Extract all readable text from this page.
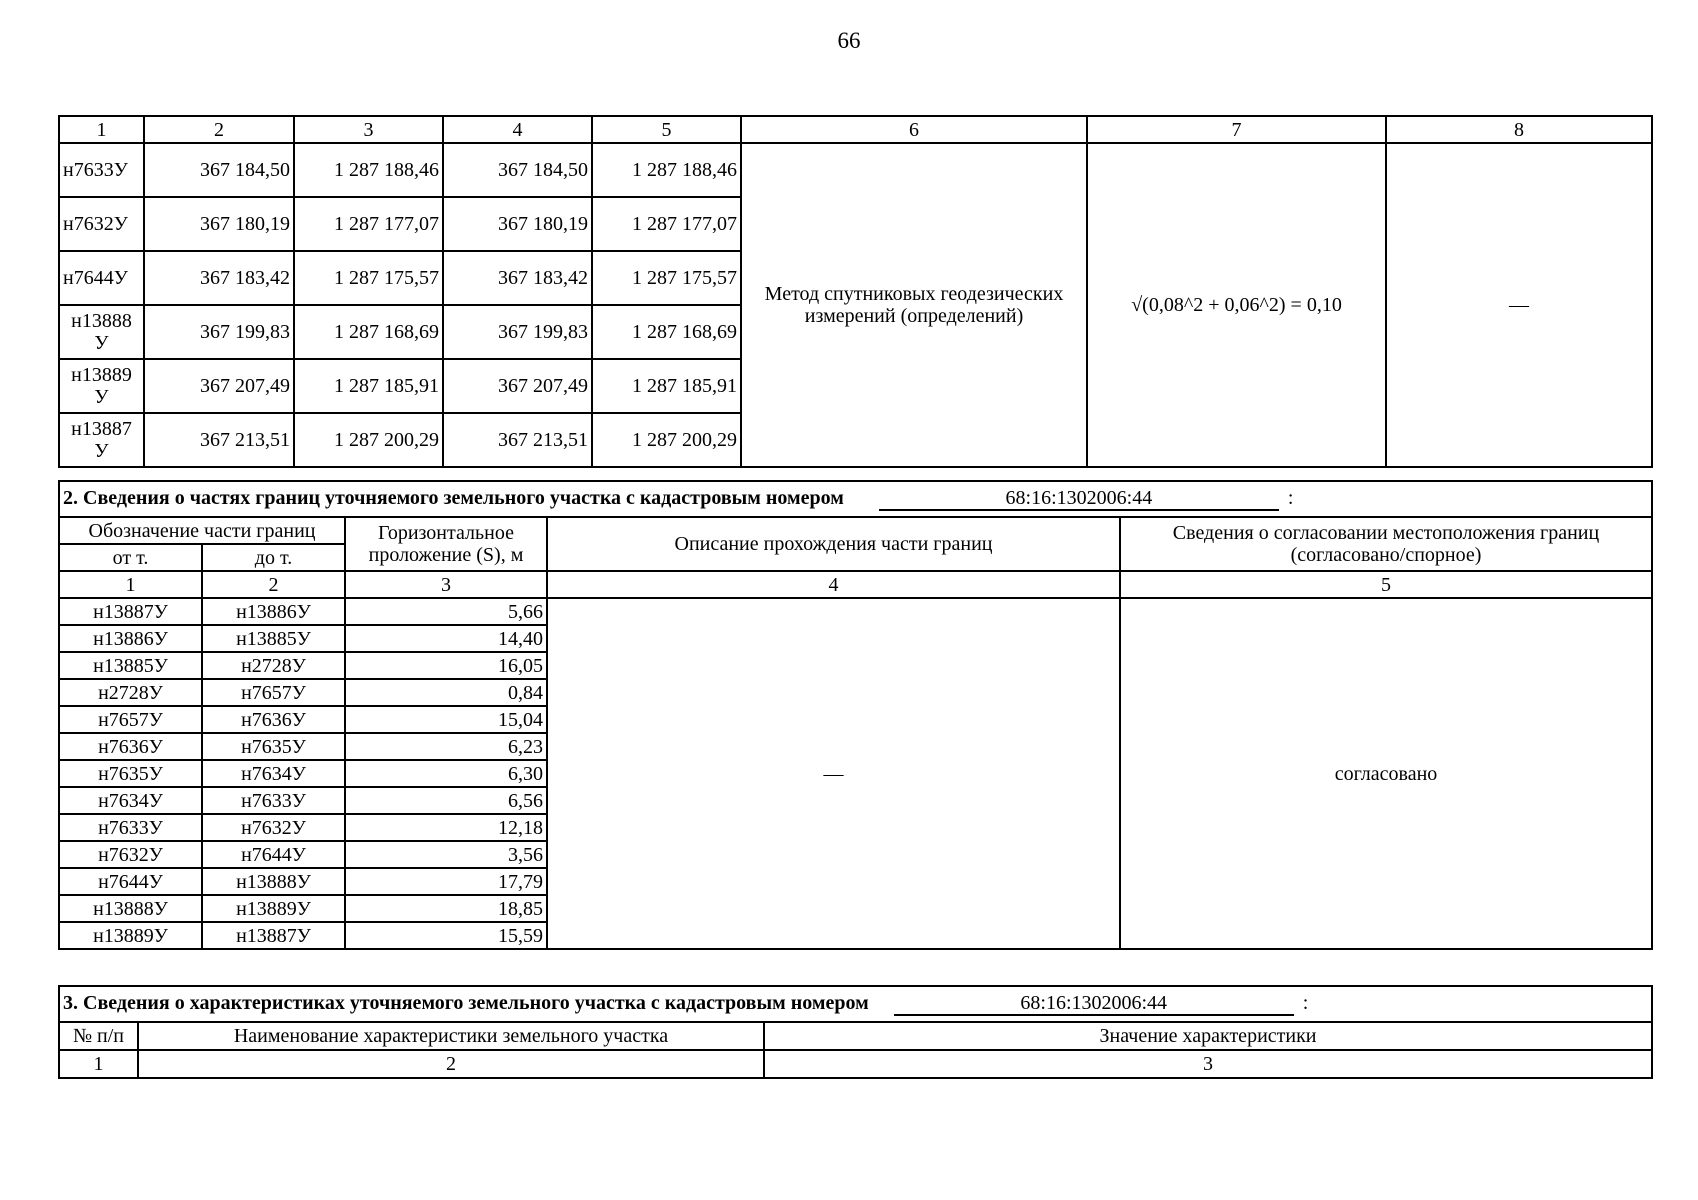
66
1	2	3	4	5	6	7	8
н7633У	367 184,50	1 287 188,46	367 184,50	1 287 188,46	Метод спутниковых геодезических измерений (определений)	√(0,08^2 + 0,06^2) = 0,10	—
н7632У	367 180,19	1 287 177,07	367 180,19	1 287 177,07			
н7644У	367 183,42	1 287 175,57	367 183,42	1 287 175,57			
н13888 У	367 199,83	1 287 168,69	367 199,83	1 287 168,69			
н13889 У	367 207,49	1 287 185,91	367 207,49	1 287 185,91			
н13887 У	367 213,51	1 287 200,29	367 213,51	1 287 200,29			
2. Сведения о частях границ уточняемого земельного участка с кадастровым номером 68:16:1302006:44 :				
Обозначение части границ		Горизонтальное проложение (S), м	Описание прохождения части границ	Сведения о согласовании местоположения границ (согласовано/спорное)
от т.	до т.			
1	2	3	4	5
н13887У	н13886У	5,66	—	согласовано
н13886У	н13885У	14,40		
н13885У	н2728У	16,05		
н2728У	н7657У	0,84		
н7657У	н7636У	15,04		
н7636У	н7635У	6,23		
н7635У	н7634У	6,30		
н7634У	н7633У	6,56		
н7633У	н7632У	12,18		
н7632У	н7644У	3,56		
н7644У	н13888У	17,79		
н13888У	н13889У	18,85		
н13889У	н13887У	15,59		
3. Сведения о характеристиках уточняемого земельного участка с кадастровым номером 68:16:1302006:44 :		
№ п/п	Наименование характеристики земельного участка	Значение характеристики
1	2	3
